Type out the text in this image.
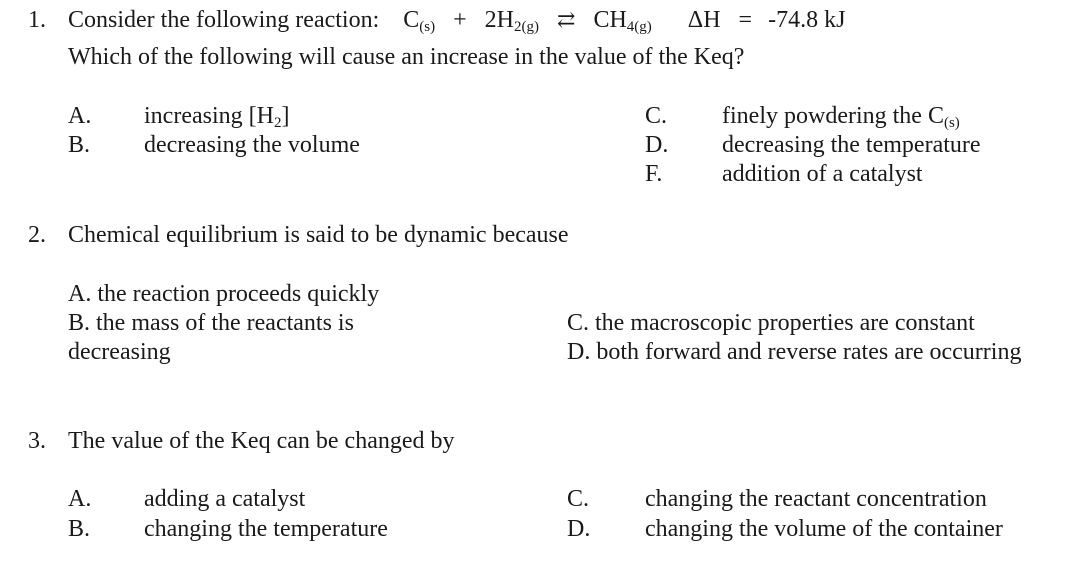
1. Consider the following reaction: C(s) + 2H2(g) ⇄ CH4(g) ΔH = -74.8 kJ
Which of the following will cause an increase in the value of the Keq?
A. increasing [H2]
B. decreasing the volume
C. finely powdering the C(s)
D. decreasing the temperature
F. addition of a catalyst
2. Chemical equilibrium is said to be dynamic because
A. the reaction proceeds quickly
B. the mass of the reactants is
decreasing
C. the macroscopic properties are constant
D. both forward and reverse rates are occurring
3. The value of the Keq can be changed by
A. adding a catalyst
B. changing the temperature
C. changing the reactant concentration
D. changing the volume of the container
